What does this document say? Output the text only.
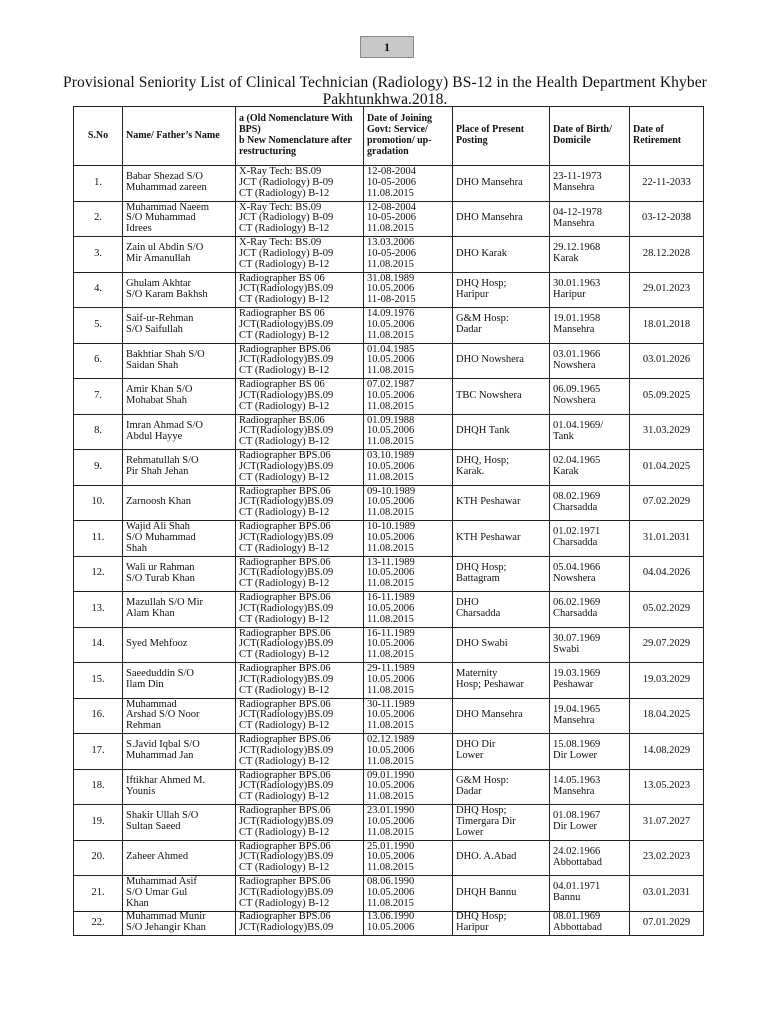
1
Provisional Seniority List of Clinical Technician (Radiology) BS-12 in the Health Department Khyber Pakhtunkhwa.2018.
S.No	Name/ Father’s Name	a (Old Nomenclature With BPS)
b New Nomenclature after restructuring	Date of Joining Govt: Service/ promotion/ up-gradation	Place of Present Posting	Date of Birth/ Domicile	Date of Retirement
1.	Babar Shezad S/O
Muhammad zareen	X-Ray Tech: BS.09
JCT (Radiology) B-09
CT (Radiology) B-12	12-08-2004
10-05-2006
11.08.2015	DHO Mansehra	23-11-1973
Mansehra	22-11-2033
2.	Muhammad Naeem
S/O Muhammad
Idrees	X-Ray Tech: BS.09
JCT (Radiology) B-09
CT (Radiology) B-12	12-08-2004
10-05-2006
11.08.2015	DHO Mansehra	04-12-1978
Mansehra	03-12-2038
3.	Zain ul Abdin S/O
Mir Amanullah	X-Ray Tech: BS.09
JCT (Radiology) B-09
CT (Radiology) B-12	13.03.2006
10-05-2006
11.08.2015	DHO Karak	29.12.1968
Karak	28.12.2028
4.	Ghulam Akhtar
S/O Karam Bakhsh	Radiographer BS 06
JCT(Radiology)BS.09
CT (Radiology) B-12	31.08.1989
10.05.2006
11-08-2015	DHQ Hosp;
Haripur	30.01.1963
Haripur	29.01.2023
5.	Saif-ur-Rehman
S/O Saifullah	Radiographer BS 06
JCT(Radiology)BS.09
CT (Radiology) B-12	14.09.1976
10.05.2006
11.08.2015	G&M Hosp:
Dadar	19.01.1958
Mansehra	18.01.2018
6.	Bakhtiar Shah S/O
Saidan Shah	Radiographer BPS.06
JCT(Radiology)BS.09
CT (Radiology) B-12	01.04.1985
10.05.2006
11.08.2015	DHO Nowshera	03.01.1966
Nowshera	03.01.2026
7.	Amir Khan S/O
Mohabat Shah	Radiographer BS 06
JCT(Radiology)BS.09
CT (Radiology) B-12	07.02.1987
10.05.2006
11.08.2015	TBC Nowshera	06.09.1965
Nowshera	05.09.2025
8.	Imran Ahmad S/O
Abdul Hayye	Radiographer BS.06
JCT(Radiology)BS.09
CT (Radiology) B-12	01.09.1988
10.05.2006
11.08.2015	DHQH Tank	01.04.1969/
Tank	31.03.2029
9.	Rehmatullah S/O
Pir Shah Jehan	Radiographer BPS.06
JCT(Radiology)BS.09
CT (Radiology) B-12	03.10.1989
10.05.2006
11.08.2015	DHQ, Hosp;
Karak.	02.04.1965
Karak	01.04.2025
10.	Zarnoosh Khan	Radiographer BPS.06
JCT(Radiology)BS.09
CT (Radiology) B-12	09-10.1989
10.05.2006
11.08.2015	KTH Peshawar	08.02.1969
Charsadda	07.02.2029
11.	Wajid Ali Shah
S/O Muhammad
Shah	Radiographer BPS.06
JCT(Radiology)BS.09
CT (Radiology) B-12	10-10.1989
10.05.2006
11.08.2015	KTH Peshawar	01.02.1971
Charsadda	31.01.2031
12.	Wali ur Rahman
S/O Turab Khan	Radiographer BPS.06
JCT(Radiology)BS.09
CT (Radiology) B-12	13-11.1989
10.05.2006
11.08.2015	DHQ Hosp;
Battagram	05.04.1966
Nowshera	04.04.2026
13.	Mazullah S/O Mir
Alam Khan	Radiographer BPS.06
JCT(Radiology)BS.09
CT (Radiology) B-12	16-11.1989
10.05.2006
11.08.2015	DHO
Charsadda	06.02.1969
Charsadda	05.02.2029
14.	Syed Mehfooz	Radiographer BPS.06
JCT(Radiology)BS.09
CT (Radiology) B-12	16-11.1989
10.05.2006
11.08.2015	DHO Swabi	30.07.1969
Swabi	29.07.2029
15.	Saeeduddin S/O
Ilam Din	Radiographer BPS.06
JCT(Radiology)BS.09
CT (Radiology) B-12	29-11.1989
10.05.2006
11.08.2015	Maternity
Hosp; Peshawar	19.03.1969
Peshawar	19.03.2029
16.	Muhammad
Arshad S/O Noor
Rehman	Radiographer BPS.06
JCT(Radiology)BS.09
CT (Radiology) B-12	30-11.1989
10.05.2006
11.08.2015	DHO Mansehra	19.04.1965
Mansehra	18.04.2025
17.	S.Javid Iqbal S/O
Muhammad Jan	Radiographer BPS.06
JCT(Radiology)BS.09
CT (Radiology) B-12	02.12.1989
10.05.2006
11.08.2015	DHO Dir
Lower	15.08.1969
Dir Lower	14.08.2029
18.	Iftikhar Ahmed M.
Younis	Radiographer BPS.06
JCT(Radiology)BS.09
CT (Radiology) B-12	09.01.1990
10.05.2006
11.08.2015	G&M Hosp:
Dadar	14.05.1963
Mansehra	13.05.2023
19.	Shakir Ullah S/O
Sultan Saeed	Radiographer BPS.06
JCT(Radiology)BS.09
CT (Radiology) B-12	23.01.1990
10.05.2006
11.08.2015	DHQ Hosp;
Timergara Dir
Lower	01.08.1967
Dir Lower	31.07.2027
20.	Zaheer Ahmed	Radiographer BPS.06
JCT(Radiology)BS.09
CT (Radiology) B-12	25.01.1990
10.05.2006
11.08.2015	DHO. A.Abad	24.02.1966
Abbottabad	23.02.2023
21.	Muhammad Asif
S/O Umar Gul
Khan	Radiographer BPS.06
JCT(Radiology)BS.09
CT (Radiology) B-12	08.06.1990
10.05.2006
11.08.2015	DHQH Bannu	04.01.1971
Bannu	03.01.2031
22.	Muhammad Munir
S/O Jehangir Khan	Radiographer BPS.06
JCT(Radiology)BS.09	13.06.1990
10.05.2006	DHQ Hosp;
Haripur	08.01.1969
Abbottabad	07.01.2029
